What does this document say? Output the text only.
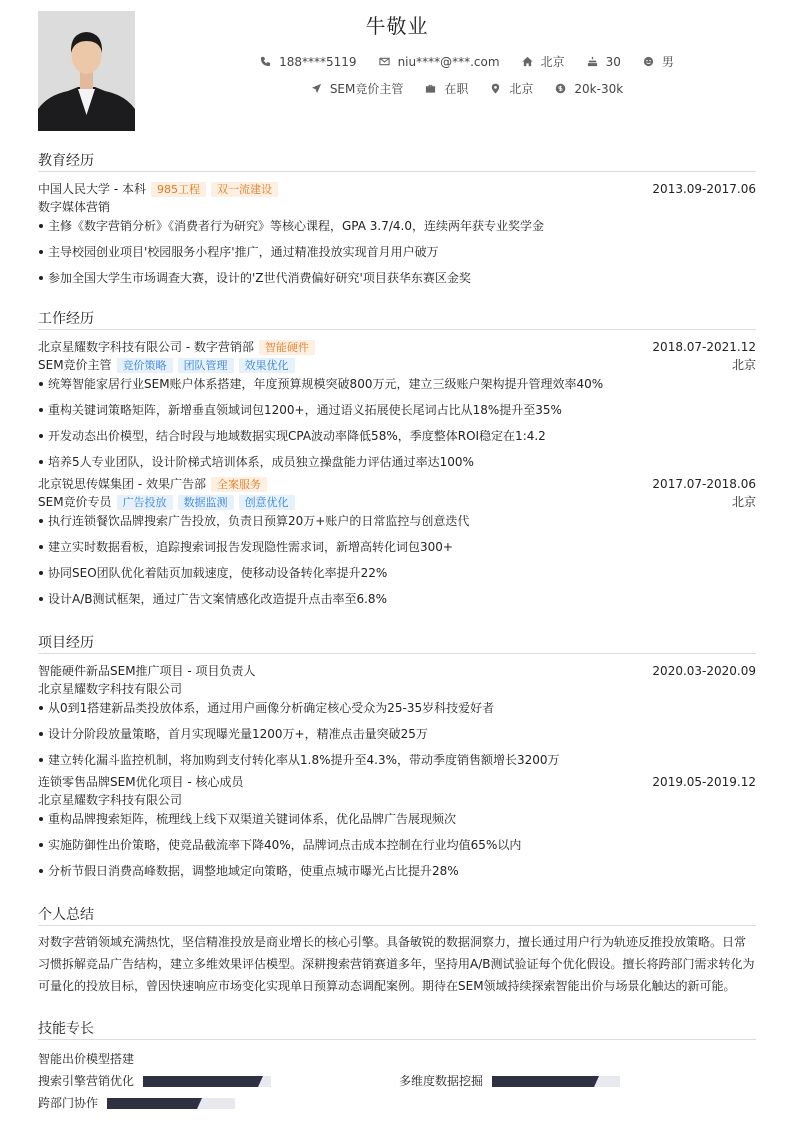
牛敬业
188****5119	niu****@***.com	北京	30	男
SEM竞价主管	在职	北京	20k-30k
教育经历
中国人民大学 - 本科	985工程	双一流建设	2013.09-2017.06
数字媒体营销
主修《数字营销分析》《消费者行为研究》等核心课程，GPA 3.7/4.0，连续两年获专业奖学金
主导校园创业项目'校园服务小程序'推广，通过精准投放实现首月用户破万
参加全国大学生市场调查大赛，设计的'Z世代消费偏好研究'项目获华东赛区金奖
工作经历
北京星耀数字科技有限公司 - 数字营销部	智能硬件	2018.07-2021.12
SEM竞价主管	竞价策略	团队管理	效果优化	北京
统筹智能家居行业SEM账户体系搭建，年度预算规模突破800万元，建立三级账户架构提升管理效率40%
重构关键词策略矩阵，新增垂直领域词包1200+，通过语义拓展使长尾词占比从18%提升至35%
开发动态出价模型，结合时段与地域数据实现CPA波动率降低58%，季度整体ROI稳定在1:4.2
培养5人专业团队，设计阶梯式培训体系，成员独立操盘能力评估通过率达100%
北京锐思传媒集团 - 效果广告部	全案服务	2017.07-2018.06
SEM竞价专员	广告投放	数据监测	创意优化	北京
执行连锁餐饮品牌搜索广告投放，负责日预算20万+账户的日常监控与创意迭代
建立实时数据看板，追踪搜索词报告发现隐性需求词，新增高转化词包300+
协同SEO团队优化着陆页加载速度，使移动设备转化率提升22%
设计A/B测试框架，通过广告文案情感化改造提升点击率至6.8%
项目经历
智能硬件新品SEM推广项目 - 项目负责人	2020.03-2020.09
北京星耀数字科技有限公司
从0到1搭建新品类投放体系，通过用户画像分析确定核心受众为25-35岁科技爱好者
设计分阶段放量策略，首月实现曝光量1200万+，精准点击量突破25万
建立转化漏斗监控机制，将加购到支付转化率从1.8%提升至4.3%，带动季度销售额增长3200万
连锁零售品牌SEM优化项目 - 核心成员	2019.05-2019.12
北京星耀数字科技有限公司
重构品牌搜索矩阵，梳理线上线下双渠道关键词体系，优化品牌广告展现频次
实施防御性出价策略，使竞品截流率下降40%，品牌词点击成本控制在行业均值65%以内
分析节假日消费高峰数据，调整地域定向策略，使重点城市曝光占比提升28%
个人总结
对数字营销领域充满热忱，坚信精准投放是商业增长的核心引擎。具备敏锐的数据洞察力，擅长通过用户行为轨迹反推投放策略。日常习惯拆解竞品广告结构，建立多维效果评估模型。深耕搜索营销赛道多年，坚持用A/B测试验证每个优化假设。擅长将跨部门需求转化为可量化的投放目标，曾因快速响应市场变化实现单日预算动态调配案例。期待在SEM领域持续探索智能出价与场景化触达的新可能。
技能专长
智能出价模型搭建
搜索引擎营销优化	多维度数据挖掘
跨部门协作
